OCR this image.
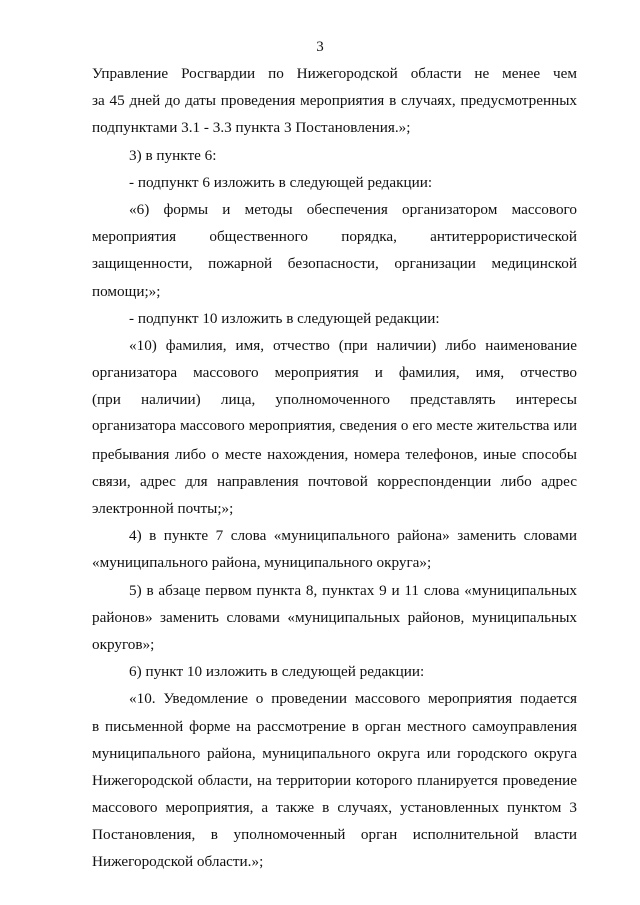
3
Управление Росгвардии по Нижегородской области не менее чем
за 45 дней до даты проведения мероприятия в случаях, предусмотренных
подпунктами 3.1 - 3.3 пункта 3 Постановления.»;
3) в пункте 6:
- подпункт 6 изложить в следующей редакции:
«6) формы и методы обеспечения организатором массового
мероприятия общественного порядка, антитеррористической
защищенности, пожарной безопасности, организации медицинской
помощи;»;
- подпункт 10 изложить в следующей редакции:
«10) фамилия, имя, отчество (при наличии) либо наименование
организатора массового мероприятия и фамилия, имя, отчество
(при наличии) лица, уполномоченного представлять интересы
организатора массового мероприятия, сведения о его месте жительства или
пребывания либо о месте нахождения, номера телефонов, иные способы
связи, адрес для направления почтовой корреспонденции либо адрес
электронной почты;»;
4) в пункте 7 слова «муниципального района» заменить словами
«муниципального района, муниципального округа»;
5) в абзаце первом пункта 8, пунктах 9 и 11 слова «муниципальных
районов» заменить словами «муниципальных районов, муниципальных
округов»;
6) пункт 10 изложить в следующей редакции:
«10. Уведомление о проведении массового мероприятия подается
в письменной форме на рассмотрение в орган местного самоуправления
муниципального района, муниципального округа или городского округа
Нижегородской области, на территории которого планируется проведение
массового мероприятия, а также в случаях, установленных пунктом 3
Постановления, в уполномоченный орган исполнительной власти
Нижегородской области.»;
